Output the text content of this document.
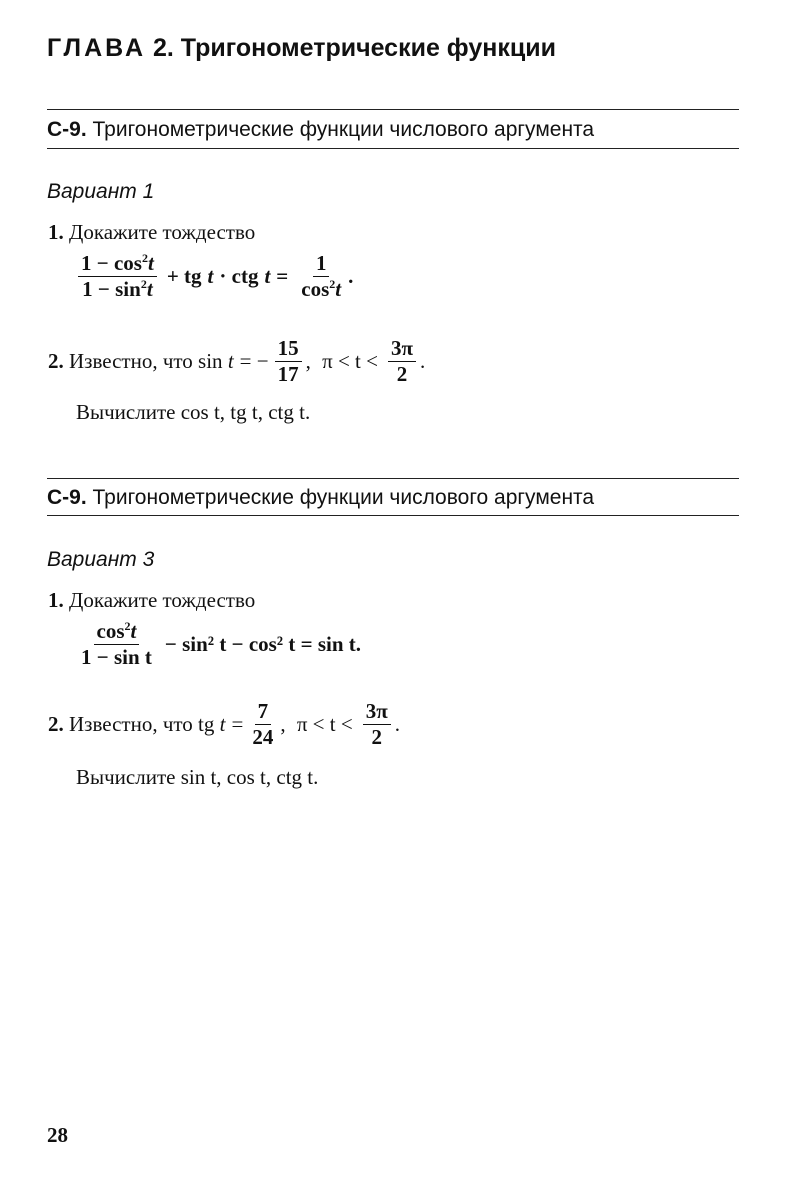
ГЛАВА 2. Тригонометрические функции
С-9. Тригонометрические функции числового аргумента
Вариант 1
1.
Докажите тождество
$\frac{1 - \cos^2t}{1 - \sin^2t}$ + tg t · ctg $t = \frac{1}{\cos^2t}$ .
2.
Известно, что
sin
t = − $\frac{15}{17}$ , $\pi < t < \frac{3\pi}{2}$ .
Вычислите cos t, tg t, ctg t.
С-9. Тригонометрические функции числового аргумента
Вариант 3
1.
Докажите тождество
$\frac{\cos^2t}{\text{1 − sin t}} - \sin^2$ t − cos² t = sin t.
2.
Известно, что
tg
$t = \frac{7}{24}$ , $\pi < t < \frac{3\pi}{2}$ .
Вычислите sin t, cos t, ctg t.
28
